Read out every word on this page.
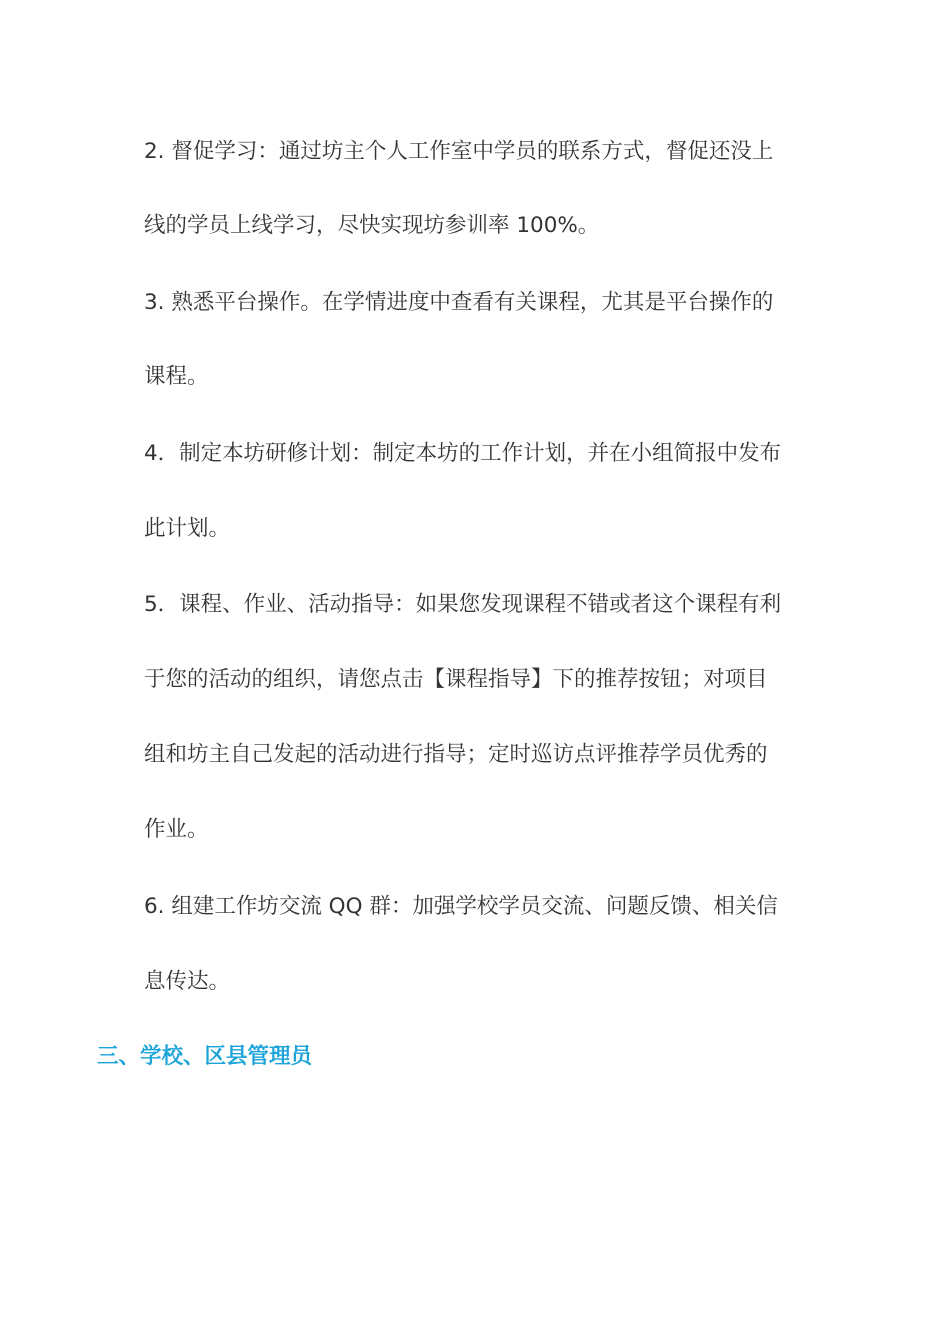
2. 督促学习：通过坊主个人工作室中学员的联系方式，督促还没上
线的学员上线学习，尽快实现坊参训率 100%。
3. 熟悉平台操作。在学情进度中查看有关课程，尤其是平台操作的
课程。
4．制定本坊研修计划：制定本坊的工作计划，并在小组简报中发布
此计划。
5．课程、作业、活动指导：如果您发现课程不错或者这个课程有利
于您的活动的组织，请您点击【课程指导】下的推荐按钮；对项目
组和坊主自己发起的活动进行指导；定时巡访点评推荐学员优秀的
作业。
6. 组建工作坊交流 QQ 群：加强学校学员交流、问题反馈、相关信
息传达。
三、学校、区县管理员
